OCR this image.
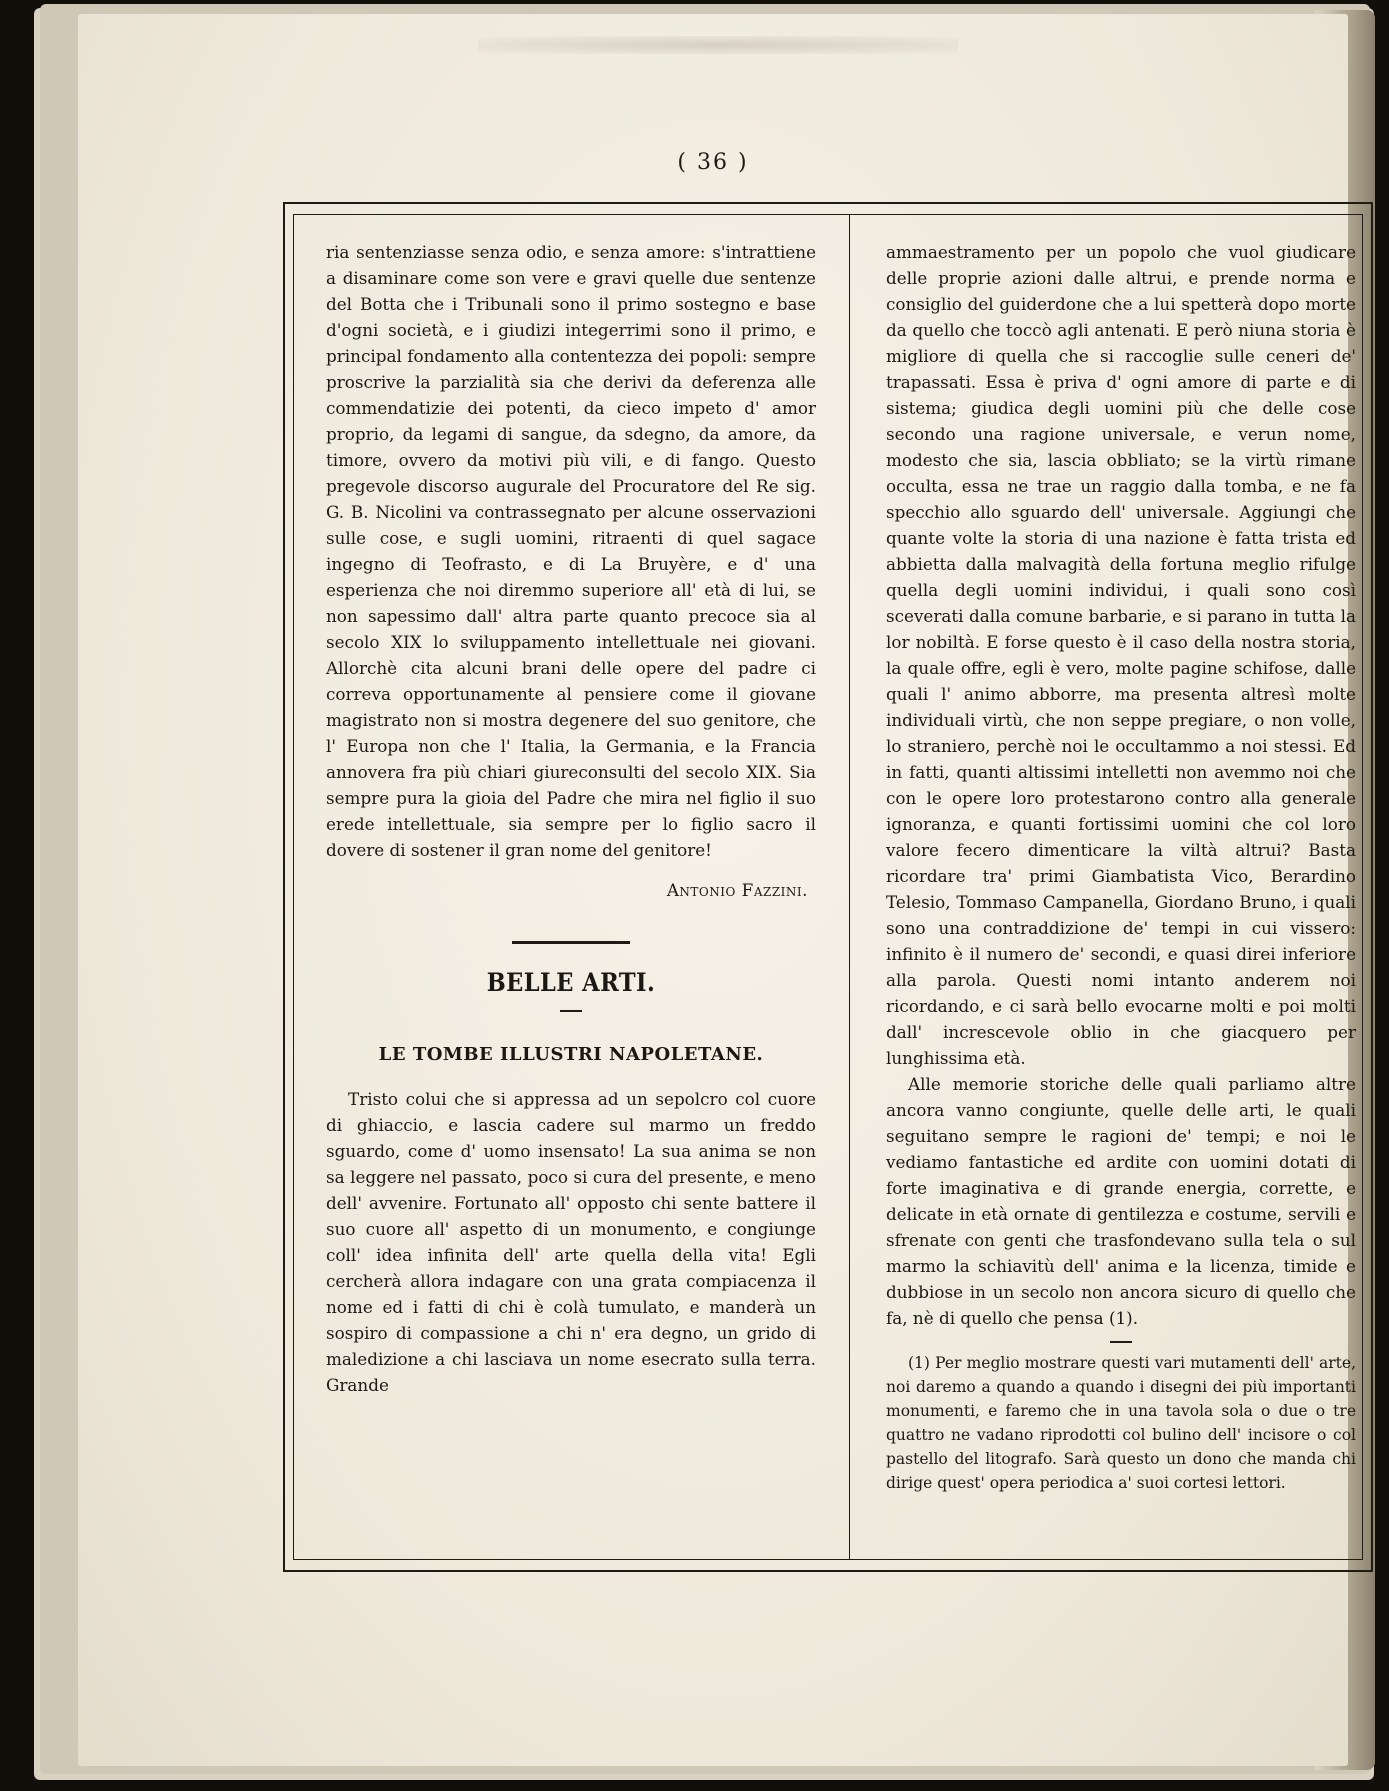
( 36 )

ria sentenziasse senza odio, e senza amore: s'intrattiene a disaminare come son vere e gravi quelle due sentenze del Botta che i Tribunali sono il primo sostegno e base d'ogni società, e i giudizi integerrimi sono il primo, e principal fondamento alla contentezza dei popoli: sempre proscrive la parzialità sia che derivi da deferenza alle commendatizie dei potenti, da cieco impeto d' amor proprio, da legami di sangue, da sdegno, da amore, da timore, ovvero da motivi più vili, e di fango. Questo pregevole discorso augurale del Procuratore del Re sig. G. B. Nicolini va contrassegnato per alcune osservazioni sulle cose, e sugli uomini, ritraenti di quel sagace ingegno di Teofrasto, e di La Bruyère, e d' una esperienza che noi diremmo superiore all' età di lui, se non sapessimo dall' altra parte quanto precoce sia al secolo XIX lo sviluppamento intellettuale nei giovani. Allorchè cita alcuni brani delle opere del padre ci correva opportunamente al pensiere come il giovane magistrato non si mostra degenere del suo genitore, che l' Europa non che l' Italia, la Germania, e la Francia annovera fra più chiari giureconsulti del secolo XIX. Sia sempre pura la gioia del Padre che mira nel figlio il suo erede intellettuale, sia sempre per lo figlio sacro il dovere di sostener il gran nome del genitore!

Antonio Fazzini.

BELLE ARTI.

LE TOMBE ILLUSTRI NAPOLETANE.

Tristo colui che si appressa ad un sepolcro col cuore di ghiaccio, e lascia cadere sul marmo un freddo sguardo, come d' uomo insensato! La sua anima se non sa leggere nel passato, poco si cura del presente, e meno dell' avvenire. Fortunato all' opposto chi sente battere il suo cuore all' aspetto di un monumento, e congiunge coll' idea infinita dell' arte quella della vita! Egli cercherà allora indagare con una grata compiacenza il nome ed i fatti di chi è colà tumulato, e manderà un sospiro di compassione a chi n' era degno, un grido di maledizione a chi lasciava un nome esecrato sulla terra. Grande

ammaestramento per un popolo che vuol giudicare delle proprie azioni dalle altrui, e prende norma e consiglio del guiderdone che a lui spetterà dopo morte da quello che toccò agli antenati. E però niuna storia è migliore di quella che si raccoglie sulle ceneri de' trapassati. Essa è priva d' ogni amore di parte e di sistema; giudica degli uomini più che delle cose secondo una ragione universale, e verun nome, modesto che sia, lascia obbliato; se la virtù rimane occulta, essa ne trae un raggio dalla tomba, e ne fa specchio allo sguardo dell' universale. Aggiungi che quante volte la storia di una nazione è fatta trista ed abbietta dalla malvagità della fortuna meglio rifulge quella degli uomini individui, i quali sono così sceverati dalla comune barbarie, e si parano in tutta la lor nobiltà. E forse questo è il caso della nostra storia, la quale offre, egli è vero, molte pagine schifose, dalle quali l' animo abborre, ma presenta altresì molte individuali virtù, che non seppe pregiare, o non volle, lo straniero, perchè noi le occultammo a noi stessi. Ed in fatti, quanti altissimi intelletti non avemmo noi che con le opere loro protestarono contro alla generale ignoranza, e quanti fortissimi uomini che col loro valore fecero dimenticare la viltà altrui? Basta ricordare tra' primi Giambatista Vico, Berardino Telesio, Tommaso Campanella, Giordano Bruno, i quali sono una contraddizione de' tempi in cui vissero: infinito è il numero de' secondi, e quasi direi inferiore alla parola. Questi nomi intanto anderem noi ricordando, e ci sarà bello evocarne molti e poi molti dall' increscevole oblio in che giacquero per lunghissima età.

Alle memorie storiche delle quali parliamo altre ancora vanno congiunte, quelle delle arti, le quali seguitano sempre le ragioni de' tempi; e noi le vediamo fantastiche ed ardite con uomini dotati di forte imaginativa e di grande energia, corrette, e delicate in età ornate di gentilezza e costume, servili e sfrenate con genti che trasfondevano sulla tela o sul marmo la schiavitù dell' anima e la licenza, timide e dubbiose in un secolo non ancora sicuro di quello che fa, nè di quello che pensa (1).

(1) Per meglio mostrare questi vari mutamenti dell' arte, noi daremo a quando a quando i disegni dei più importanti monumenti, e faremo che in una tavola sola o due o tre quattro ne vadano riprodotti col bulino dell' incisore o col pastello del litografo. Sarà questo un dono che manda chi dirige quest' opera periodica a' suoi cortesi lettori.
